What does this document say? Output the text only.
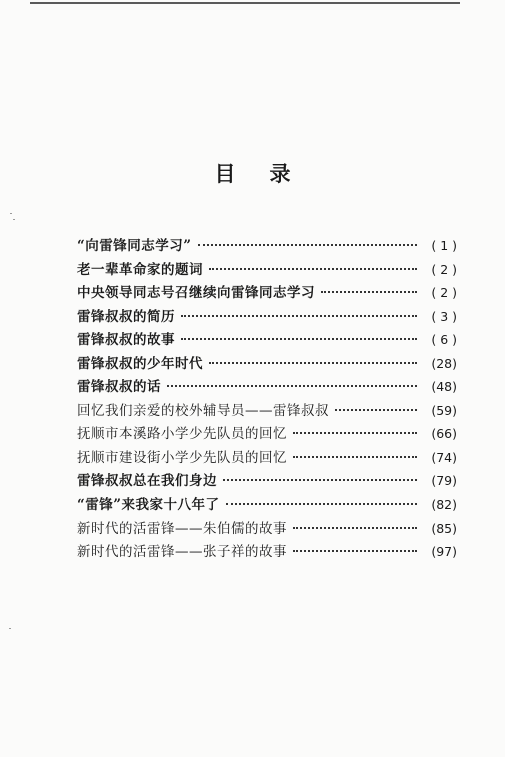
目 录
“向雷锋同志学习”	( 1 )
老一辈革命家的题词	( 2 )
中央领导同志号召继续向雷锋同志学习	( 2 )
雷锋叔叔的简历	( 3 )
雷锋叔叔的故事	( 6 )
雷锋叔叔的少年时代	(28)
雷锋叔叔的话	(48)
回忆我们亲爱的校外辅导员——雷锋叔叔	(59)
抚顺市本溪路小学少先队员的回忆	(66)
抚顺市建设街小学少先队员的回忆	(74)
雷锋叔叔总在我们身边	(79)
“雷锋”来我家十八年了	(82)
新时代的活雷锋——朱伯儒的故事	(85)
新时代的活雷锋——张子祥的故事	(97)
